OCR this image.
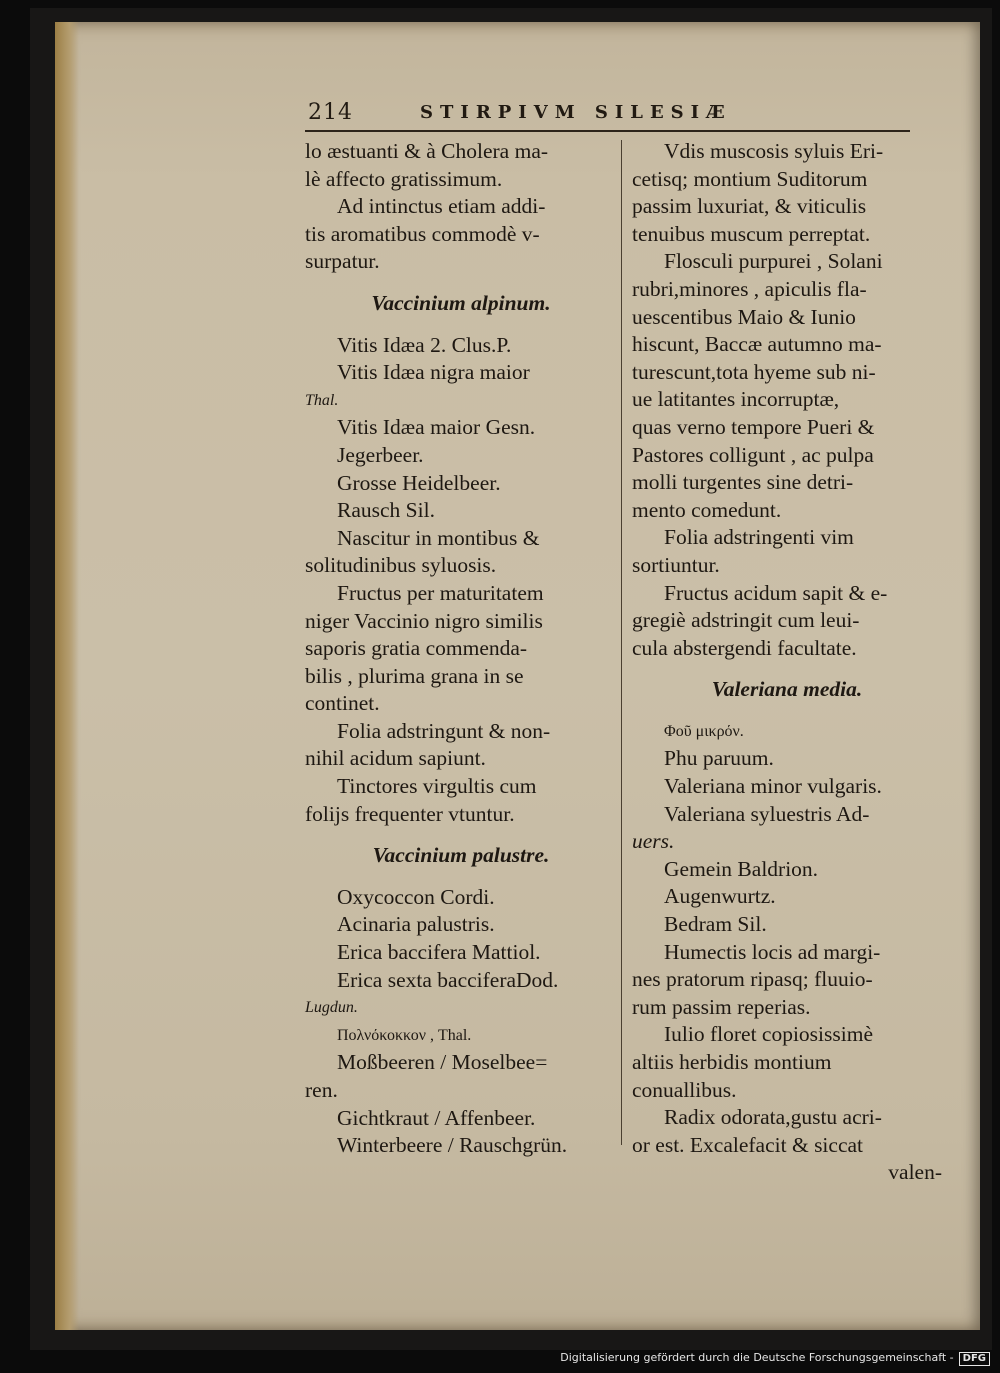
214	STIRPIVM SILESIÆ
lo æstuanti & à Cholera ma-
lè affecto gratissimum.
Ad intinctus etiam addi-
tis aromatibus commodè v-
surpatur.
Vaccinium alpinum.
Vitis Idæa 2. Clus.P.
Vitis Idæa nigra maior
Thal.
Vitis Idæa maior Gesn.
Jegerbeer.
Grosse Heidelbeer.
Rausch Sil.
Nascitur in montibus &
solitudinibus syluosis.
Fructus per maturitatem
niger Vaccinio nigro similis
saporis gratia commenda-
bilis , plurima grana in se
continet.
Folia adstringunt & non-
nihil acidum sapiunt.
Tinctores virgultis cum
folijs frequenter vtuntur.
Vaccinium palustre.
Oxycoccon Cordi.
Acinaria palustris.
Erica baccifera Mattiol.
Erica sexta bacciferaDod.
Lugdun.
Πολνόκοκκον , Thal.
Moßbeeren / Moselbee=
ren.
Gichtkraut / Affenbeer.
Winterbeere / Rauschgrün.
Vdis muscosis syluis Eri-
cetisq; montium Suditorum
passim luxuriat, & viticulis
tenuibus muscum perreptat.
Flosculi purpurei , Solani
rubri,minores , apiculis fla-
uescentibus Maio & Iunio
hiscunt, Baccæ autumno ma-
turescunt,tota hyeme sub ni-
ue latitantes incorruptæ,
quas verno tempore Pueri &
Pastores colligunt , ac pulpa
molli turgentes sine detri-
mento comedunt.
Folia adstringenti vim
sortiuntur.
Fructus acidum sapit & e-
gregiè adstringit cum leui-
cula abstergendi facultate.
Valeriana media.
Φοῦ μικρόν.
Phu paruum.
Valeriana minor vulgaris.
Valeriana syluestris Ad-
uers.
Gemein Baldrion.
Augenwurtz.
Bedram Sil.
Humectis locis ad margi-
nes pratorum ripasq; fluuio-
rum passim reperias.
Iulio floret copiosissimè
altiis herbidis montium
conuallibus.
Radix odorata,gustu acri-
or est. Excalefacit & siccat
valen-
Digitalisierung gefördert durch die Deutsche Forschungsgemeinschaft - DFG
